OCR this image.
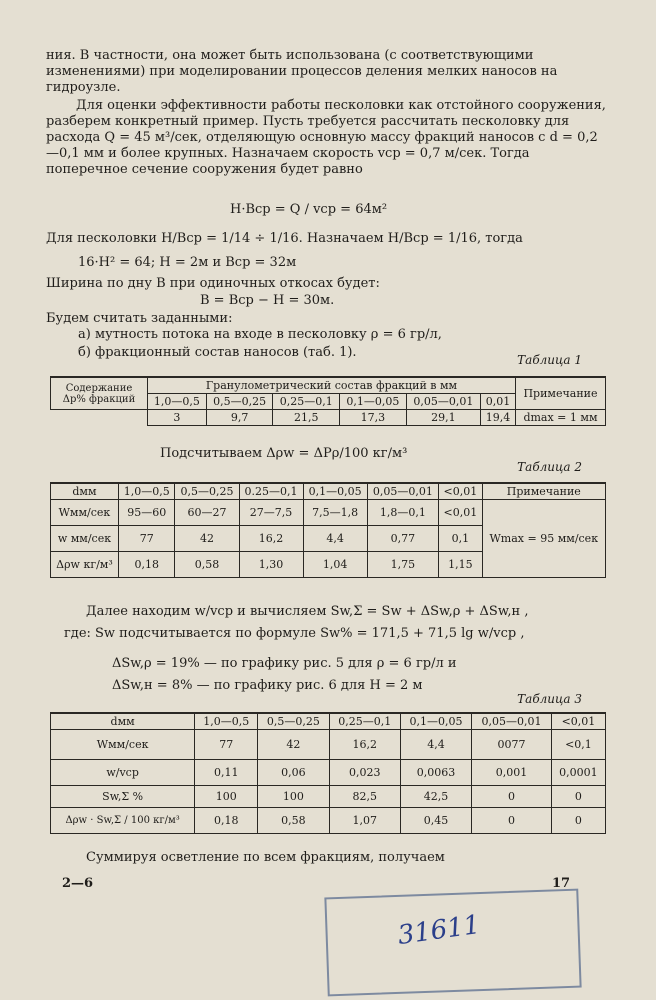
ния. В частности, она может быть использована (с соответствующими изменениями) при моделировании процессов деления мелких наносов на гидроузле.

Для оценки эффективности работы песколовки как отстойного сооружения, разберем конкретный пример. Пусть требуется рассчитать песколовку для расхода Q = 45 м³/сек, отделяющую основную массу фракций наносов с d = 0,2—0,1 мм и более крупных. Назначаем скорость vср = 0,7 м/сек. Тогда поперечное сечение сооружения будет равно

H·Bср = Q / vср = 64м²

Для песколовки H/Bср = 1/14 ÷ 1/16. Назначаем H/Bср = 1/16, тогда

16·H² = 64; H = 2м и Bср = 32м

Ширина по дну B при одиночных откосах будет:

B = Bср − H = 30м.

Будем считать заданными:

а) мутность потока на входе в песколовку ρ = 6 гр/л,

б) фракционный состав наносов (таб. 1).	Таблица 1
Содержание Δp% фракций	Гранулометрический состав фракций в мм						Примечание
	1,0—0,5	0,5—0,25	0,25—0,1	0,1—0,05	0,05—0,01	0,01	
	3	9,7	21,5	17,3	29,1	19,4	dmax = 1 мм
Подсчитываем Δρw = ΔPρ/100 кг/м³
Таблица 2
dмм	1,0—0,5	0,5—0,25	0.25—0,1	0,1—0,05	0,05—0,01	<0,01	Примечание
Wмм/сек	95—60	60—27	27—7,5	7,5—1,8	1,8—0,1	<0,01	Wmax = 95 мм/сек
w мм/сек	77	42	16,2	4,4	0,77	0,1	
Δρw кг/м³	0,18	0,58	1,30	1,04	1,75	1,15	

Далее находим w/vср и вычисляем Sw,Σ = Sw + ΔSw,ρ + ΔSw,н ,

где: Sw подсчитывается по формуле Sw% = 171,5 + 71,5 lg w/vср ,

ΔSw,ρ = 19% — по графику рис. 5 для ρ = 6 гр/л и
ΔSw,н = 8% — по графику рис. 6 для H = 2 м
Таблица 3
dмм	1,0—0,5	0,5—0,25	0,25—0,1	0,1—0,05	0,05—0,01	<0,01
Wмм/сек	77	42	16,2	4,4	0077	<0,1
w/vср	0,11	0,06	0,023	0,0063	0,001	0,0001
Sw,Σ %	100	100	82,5	42,5	0	0
Δρw · Sw,Σ / 100 кг/м³	0,18	0,58	1,07	0,45	0	0

Суммируя осветление по всем фракциям, получаем

2—6	17
31611
